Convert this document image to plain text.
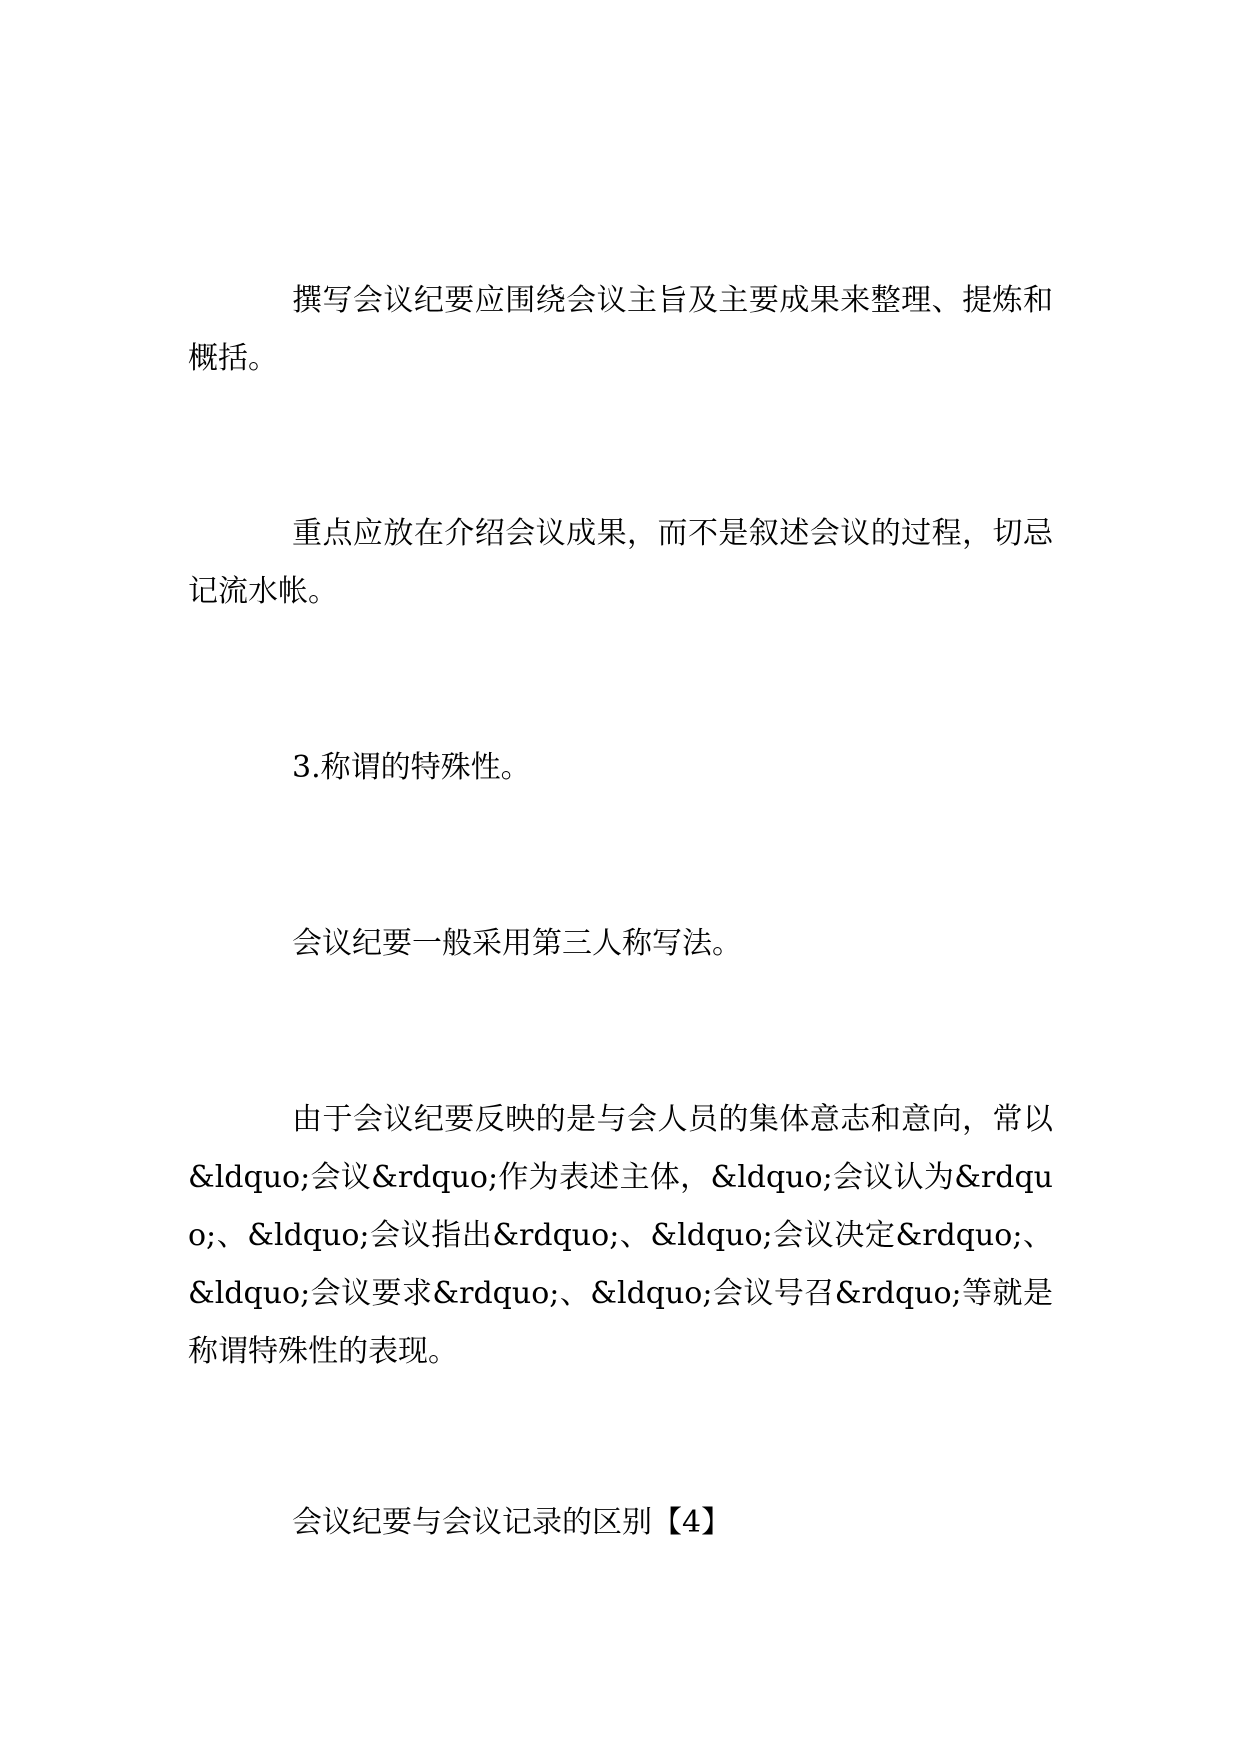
撰写会议纪要应围绕会议主旨及主要成果来整理、提炼和概括。

重点应放在介绍会议成果，而不是叙述会议的过程，切忌记流水帐。

3.称谓的特殊性。

会议纪要一般采用第三人称写法。

由于会议纪要反映的是与会人员的集体意志和意向，常以&ldquo;会议&rdquo;作为表述主体，&ldquo;会议认为&rdquo;、&ldquo;会议指出&rdquo;、&ldquo;会议决定&rdquo;、&ldquo;会议要求&rdquo;、&ldquo;会议号召&rdquo;等就是称谓特殊性的表现。

会议纪要与会议记录的区别【4】
